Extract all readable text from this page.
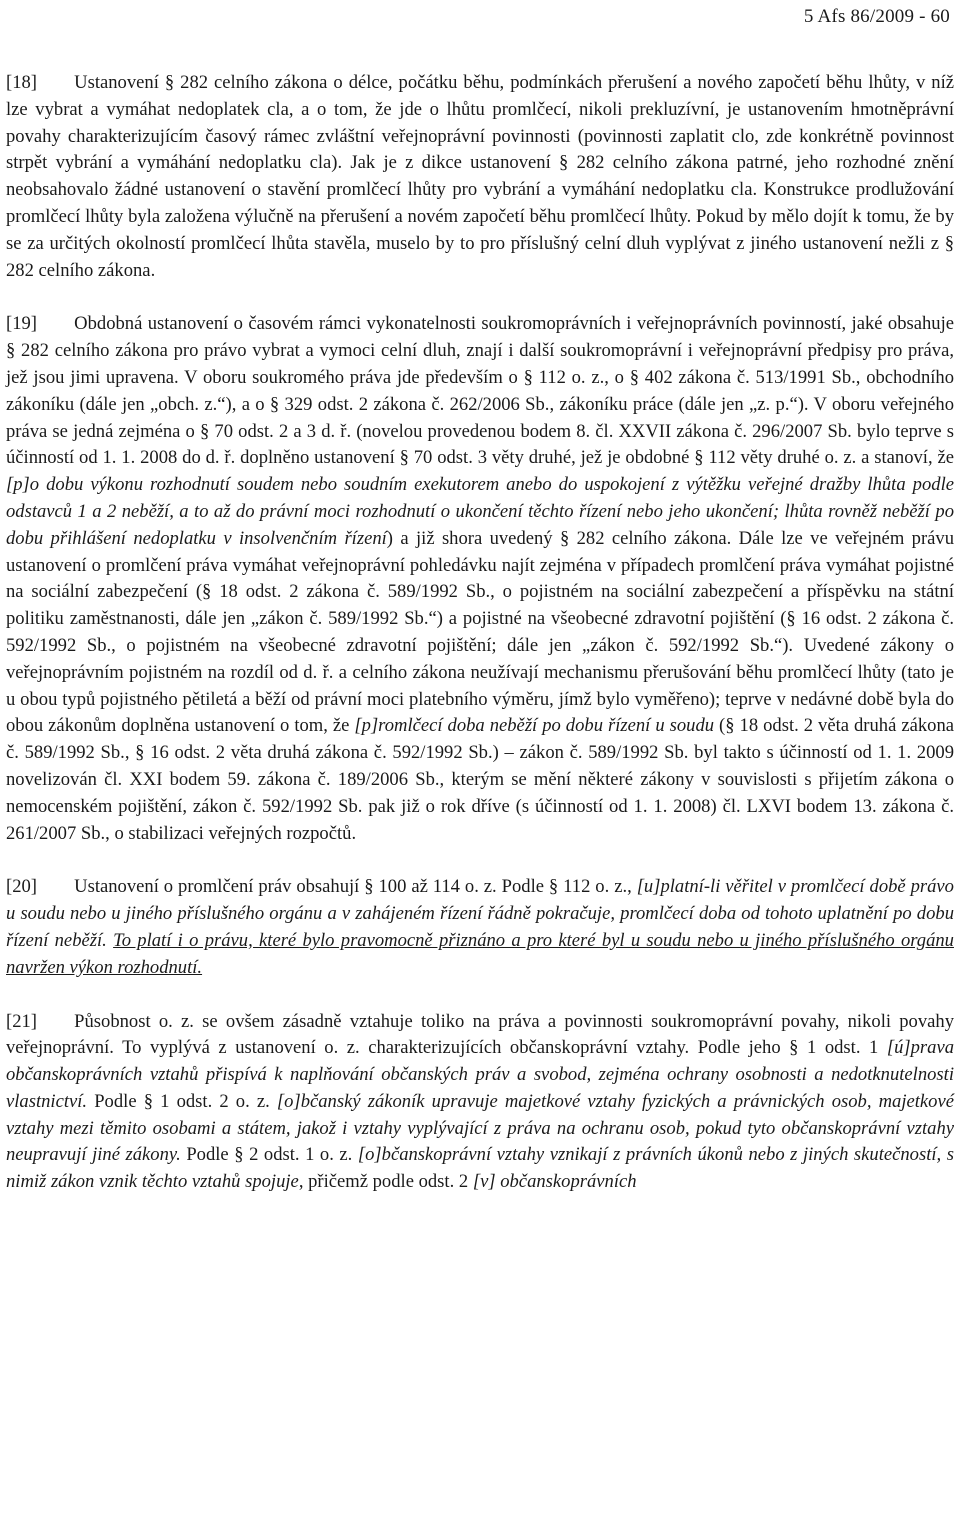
5 Afs 86/2009 - 60
[18]   Ustanovení § 282 celního zákona o délce, počátku běhu, podmínkách přerušení a nového započetí běhu lhůty, v níž lze vybrat a vymáhat nedoplatek cla, a o tom, že jde o lhůtu promlčecí, nikoli prekluzívní, je ustanovením hmotněprávní povahy charakterizujícím časový rámec zvláštní veřejnoprávní povinnosti (povinnosti zaplatit clo, zde konkrétně povinnost strpět vybrání a vymáhání nedoplatku cla). Jak je z dikce ustanovení § 282 celního zákona patrné, jeho rozhodné znění neobsahovalo žádné ustanovení o stavění promlčecí lhůty pro vybrání a vymáhání nedoplatku cla. Konstrukce prodlužování promlčecí lhůty byla založena výlučně na přerušení a novém započetí běhu promlčecí lhůty. Pokud by mělo dojít k tomu, že by se za určitých okolností promlčecí lhůta stavěla, muselo by to pro příslušný celní dluh vyplývat z jiného ustanovení nežli z § 282 celního zákona.
[19]   Obdobná ustanovení o časovém rámci vykonatelnosti soukromoprávních i veřejnoprávních povinností, jaké obsahuje § 282 celního zákona pro právo vybrat a vymoci celní dluh, znají i další soukromoprávní i veřejnoprávní předpisy pro práva, jež jsou jimi upravena. V oboru soukromého práva jde především o § 112 o. z., o § 402 zákona č. 513/1991 Sb., obchodního zákoníku (dále jen „obch. z.“), a o § 329 odst. 2 zákona č. 262/2006 Sb., zákoníku práce (dále jen „z. p.“). V oboru veřejného práva se jedná zejména o § 70 odst. 2 a 3 d. ř. (novelou provedenou bodem 8. čl. XXVII zákona č. 296/2007 Sb. bylo teprve s účinností od 1. 1. 2008 do d. ř. doplněno ustanovení § 70 odst. 3 věty druhé, jež je obdobné § 112 věty druhé o. z. a stanoví, že [p]o dobu výkonu rozhodnutí soudem nebo soudním exekutorem anebo do uspokojení z výtěžku veřejné dražby lhůta podle odstavců 1 a 2 neběží, a to až do právní moci rozhodnutí o ukončení těchto řízení nebo jeho ukončení; lhůta rovněž neběží po dobu přihlášení nedoplatku v insolvenčním řízení) a již shora uvedený § 282 celního zákona. Dále lze ve veřejném právu ustanovení o promlčení práva vymáhat veřejnoprávní pohledávku najít zejména v případech promlčení práva vymáhat pojistné na sociální zabezpečení (§ 18 odst. 2 zákona č. 589/1992 Sb., o pojistném na sociální zabezpečení a příspěvku na státní politiku zaměstnanosti, dále jen „zákon č. 589/1992 Sb.“) a pojistné na všeobecné zdravotní pojištění (§ 16 odst. 2 zákona č. 592/1992 Sb., o pojistném na všeobecné zdravotní pojištění; dále jen „zákon č. 592/1992 Sb.“). Uvedené zákony o veřejnoprávním pojistném na rozdíl od d. ř. a celního zákona neužívají mechanismu přerušování běhu promlčecí lhůty (tato je u obou typů pojistného pětiletá a běží od právní moci platebního výměru, jímž bylo vyměřeno); teprve v nedávné době byla do obou zákonům doplněna ustanovení o tom, že [p]romlčecí doba neběží po dobu řízení u soudu (§ 18 odst. 2 věta druhá zákona č. 589/1992 Sb., § 16 odst. 2 věta druhá zákona č. 592/1992 Sb.) – zákon č. 589/1992 Sb. byl takto s účinností od 1. 1. 2009 novelizován čl. XXI bodem 59. zákona č. 189/2006 Sb., kterým se mění některé zákony v souvislosti s přijetím zákona o nemocenském pojištění, zákon č. 592/1992 Sb. pak již o rok dříve (s účinností od 1. 1. 2008) čl. LXVI bodem 13. zákona č. 261/2007 Sb., o stabilizaci veřejných rozpočtů.
[20]   Ustanovení o promlčení práv obsahují § 100 až 114 o. z. Podle § 112 o. z., [u]platní-li věřitel v promlčecí době právo u soudu nebo u jiného příslušného orgánu a v zahájeném řízení řádně pokračuje, promlčecí doba od tohoto uplatnění po dobu řízení neběží. To platí i o právu, které bylo pravomocně přiznáno a pro které byl u soudu nebo u jiného příslušného orgánu navržen výkon rozhodnutí.
[21]   Působnost o. z. se ovšem zásadně vztahuje toliko na práva a povinnosti soukromoprávní povahy, nikoli povahy veřejnoprávní. To vyplývá z ustanovení o. z. charakterizujících občanskoprávní vztahy. Podle jeho § 1 odst. 1 [ú]prava občanskoprávních vztahů přispívá k naplňování občanských práv a svobod, zejména ochrany osobnosti a nedotknutelnosti vlastnictví. Podle § 1 odst. 2 o. z. [o]bčanský zákoník upravuje majetkové vztahy fyzických a právnických osob, majetkové vztahy mezi těmito osobami a státem, jakož i vztahy vyplývající z práva na ochranu osob, pokud tyto občanskoprávní vztahy neupravují jiné zákony. Podle § 2 odst. 1 o. z. [o]bčanskoprávní vztahy vznikají z právních úkonů nebo z jiných skutečností, s nimiž zákon vznik těchto vztahů spojuje, přičemž podle odst. 2 [v] občanskoprávních
